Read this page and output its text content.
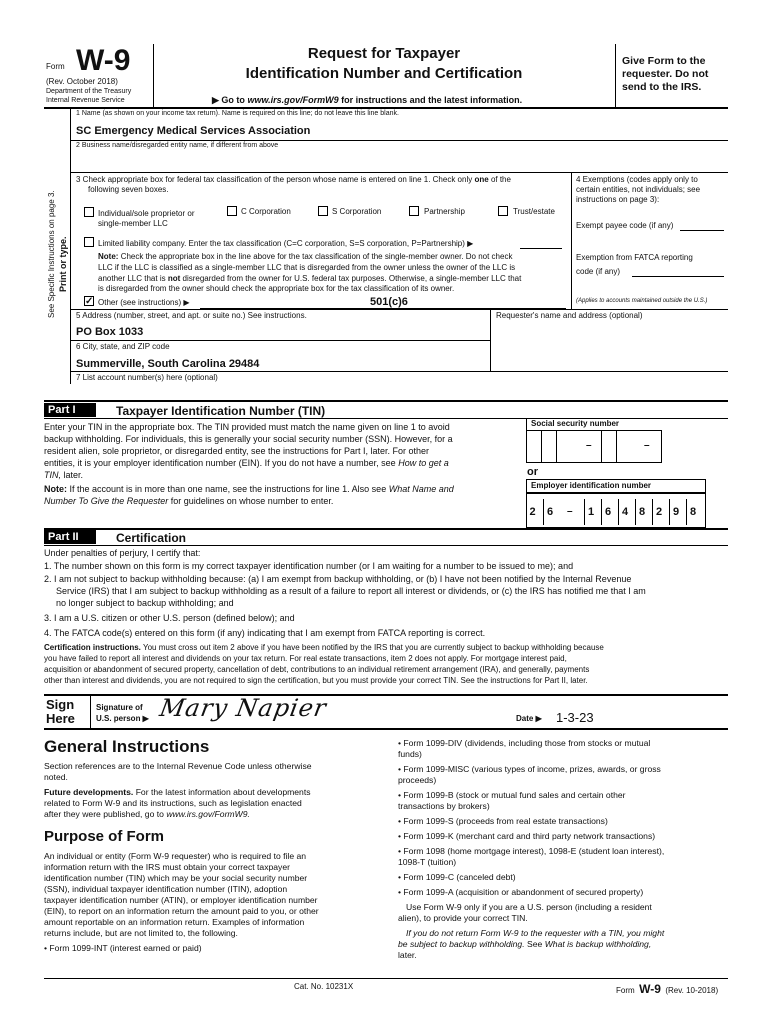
Form W-9
(Rev. October 2018)
Department of the Treasury
Internal Revenue Service
Request for Taxpayer
Identification Number and Certification
▶ Go to www.irs.gov/FormW9 for instructions and the latest information.
Give Form to the requester. Do not send to the IRS.
See Specific Instructions on page 3. Print or type.
1 Name (as shown on your income tax return). Name is required on this line; do not leave this line blank.
SC Emergency Medical Services Association
2 Business name/disregarded entity name, if different from above
3 Check appropriate box for federal tax classification of the person whose name is entered on line 1. Check only one of the
following seven boxes.
Individual/sole proprietor or
single-member LLC
C Corporation	S Corporation	Partnership	Trust/estate
Limited liability company. Enter the tax classification (C=C corporation, S=S corporation, P=Partnership) ▶
Note: Check the appropriate box in the line above for the tax classification of the single-member owner. Do not check
LLC if the LLC is classified as a single-member LLC that is disregarded from the owner unless the owner of the LLC is
another LLC that is not disregarded from the owner for U.S. federal tax purposes. Otherwise, a single-member LLC that
is disregarded from the owner should check the appropriate box for the tax classification of its owner.
✓ Other (see instructions) ▶	501(c)6
4 Exemptions (codes apply only to
certain entities, not individuals; see
instructions on page 3):
Exempt payee code (if any)
Exemption from FATCA reporting
code (if any)
(Applies to accounts maintained outside the U.S.)
5 Address (number, street, and apt. or suite no.) See instructions.	Requester's name and address (optional)
PO Box 1033
6 City, state, and ZIP code
Summerville, South Carolina 29484
7 List account number(s) here (optional)
Part I	Taxpayer Identification Number (TIN)
Enter your TIN in the appropriate box. The TIN provided must match the name given on line 1 to avoid
backup withholding. For individuals, this is generally your social security number (SSN). However, for a
resident alien, sole proprietor, or disregarded entity, see the instructions for Part I, later. For other
entities, it is your employer identification number (EIN). If you do not have a number, see How to get a
TIN, later.
Note: If the account is in more than one name, see the instructions for line 1. Also see What Name and
Number To Give the Requester for guidelines on whose number to enter.
Social security number
–	–
or
Employer identification number
2	6 –	1 6 4 8 2 9 8
Part II	Certification
Under penalties of perjury, I certify that:
1. The number shown on this form is my correct taxpayer identification number (or I am waiting for a number to be issued to me); and
2. I am not subject to backup withholding because: (a) I am exempt from backup withholding, or (b) I have not been notified by the Internal Revenue
Service (IRS) that I am subject to backup withholding as a result of a failure to report all interest or dividends, or (c) the IRS has notified me that I am
no longer subject to backup withholding; and
3. I am a U.S. citizen or other U.S. person (defined below); and
4. The FATCA code(s) entered on this form (if any) indicating that I am exempt from FATCA reporting is correct.
Certification instructions. You must cross out item 2 above if you have been notified by the IRS that you are currently subject to backup withholding because
you have failed to report all interest and dividends on your tax return. For real estate transactions, item 2 does not apply. For mortgage interest paid,
acquisition or abandonment of secured property, cancellation of debt, contributions to an individual retirement arrangement (IRA), and generally, payments
other than interest and dividends, you are not required to sign the certification, but you must provide your correct TIN. See the instructions for Part II, later.
Sign
Here
Signature of
U.S. person ▶ Mary Napier	Date ▶ 1-3-23
General Instructions
Section references are to the Internal Revenue Code unless otherwise
noted.
Future developments. For the latest information about developments
related to Form W-9 and its instructions, such as legislation enacted
after they were published, go to www.irs.gov/FormW9.
Purpose of Form
An individual or entity (Form W-9 requester) who is required to file an
information return with the IRS must obtain your correct taxpayer
identification number (TIN) which may be your social security number
(SSN), individual taxpayer identification number (ITIN), adoption
taxpayer identification number (ATIN), or employer identification number
(EIN), to report on an information return the amount paid to you, or other
amount reportable on an information return. Examples of information
returns include, but are not limited to, the following.
• Form 1099-INT (interest earned or paid)
• Form 1099-DIV (dividends, including those from stocks or mutual
funds)
• Form 1099-MISC (various types of income, prizes, awards, or gross
proceeds)
• Form 1099-B (stock or mutual fund sales and certain other
transactions by brokers)
• Form 1099-S (proceeds from real estate transactions)
• Form 1099-K (merchant card and third party network transactions)
• Form 1098 (home mortgage interest), 1098-E (student loan interest),
1098-T (tuition)
• Form 1099-C (canceled debt)
• Form 1099-A (acquisition or abandonment of secured property)
Use Form W-9 only if you are a U.S. person (including a resident
alien), to provide your correct TIN.
If you do not return Form W-9 to the requester with a TIN, you might
be subject to backup withholding. See What is backup withholding,
later.
Cat. No. 10231X	Form W-9 (Rev. 10-2018)
